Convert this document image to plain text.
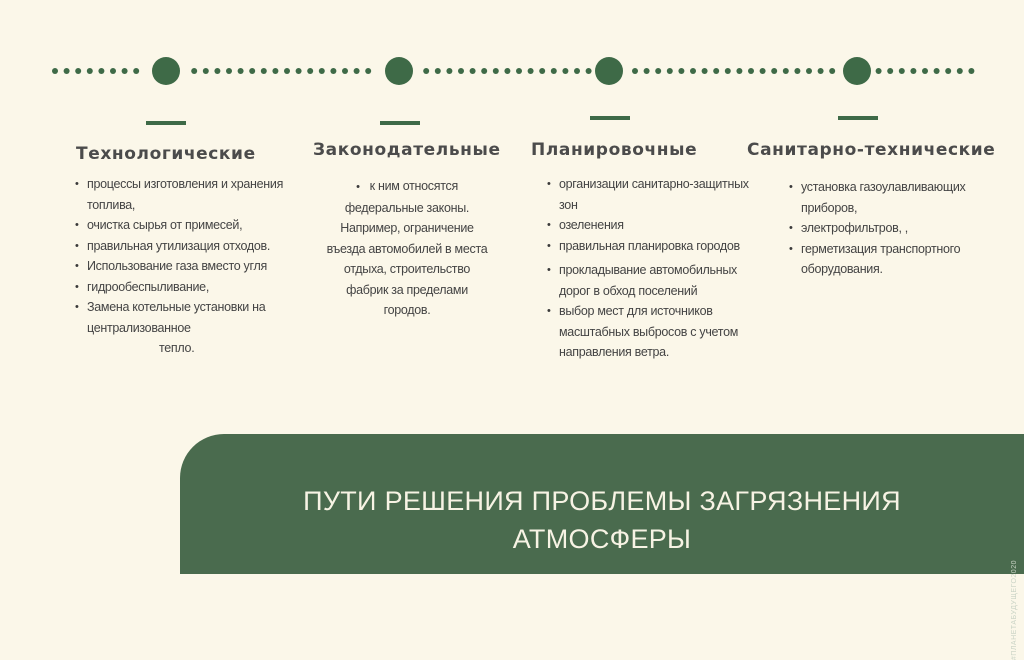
Технологические	Законодательные Планировочные	Санитарно-технические
• процессы изготовления и хранения топлива,
• очистка сырья от примесей,
• правильная утилизация отходов.
• Использование газа вместо угля
• гидрообеспыливание,
• Замена котельные установки на централизованное
тепло.
• к ним относятся федеральные законы. Например, ограничение въезда автомобилей в места отдыха, строительство фабрик за пределами городов.
• организации санитарно-защитных зон
• озеленения
• правильная планировка городов
• прокладывание автомобильных дорог в обход поселений
• выбор мест для источников масштабных выбросов с учетом направления ветра.
• установка газоулавливающих приборов,
• электрофильтров, ,
• герметизация транспортного оборудования.
ПУТИ РЕШЕНИЯ ПРОБЛЕМЫ ЗАГРЯЗНЕНИЯ
АТМОСФЕРЫ
#ПЛАНЕТАБУДУЩЕГО2020
